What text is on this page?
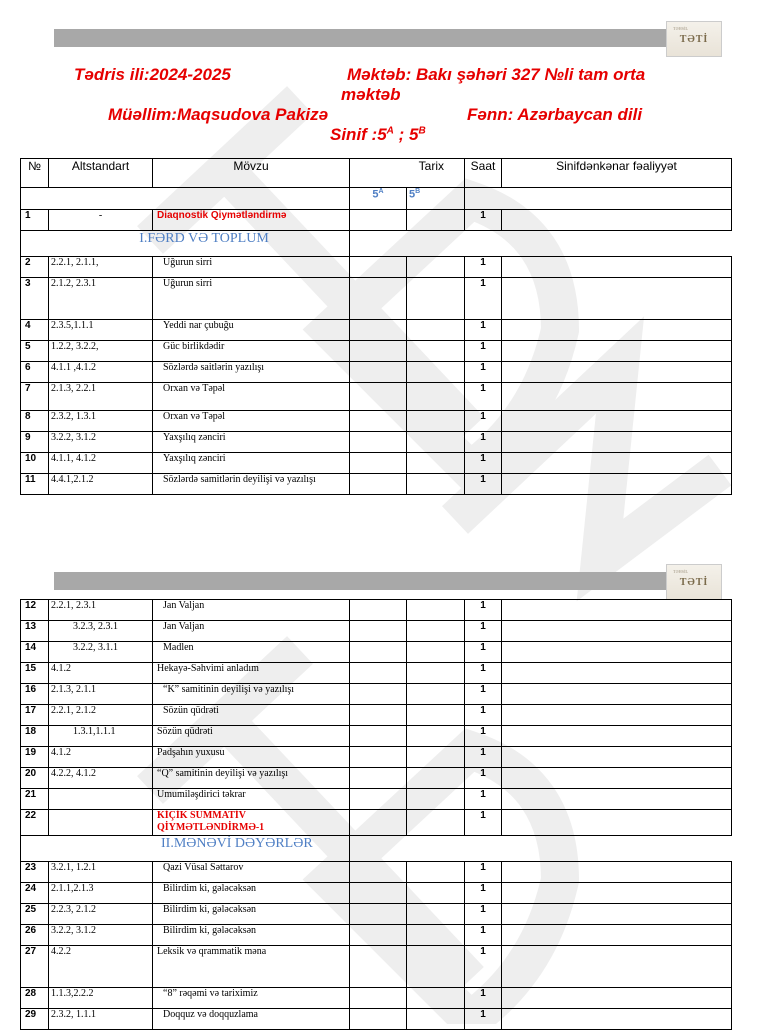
TƏHSİL
TƏTİ
Tədris ili:2024-2025	Məktəb: Bakı şəhəri 327 №li tam orta
məktəb
Müəllim:Maqsudova Pakizə	Fənn: Azərbaycan dili
Sinif $:5^A$ ; $5^B$
№	Altstandart	Mövzu	Tarix		Saat	Sinifdənkənar fəaliyyət
			$5^A$	$5^B$	
1	-	Diaqnostik Qiymətləndirmə			1	
I.FƏRD VƏ TOPLUM						
2	2.2.1, 2.1.1,	Uğurun sirri			1	
3	2.1.2, 2.3.1	Uğurun sirri			1	
4	2.3.5,1.1.1	Yeddi nar çubuğu			1	
5	1.2.2, 3.2.2,	Güc birlikdədir			1	
6	4.1.1 ,4.1.2	Sözlərdə saitlərin yazılışı			1	
7	2.1.3, 2.2.1	Orxan və Təpəl			1	
8	2.3.2, 1.3.1	Orxan və Təpəl			1	
9	3.2.2, 3.1.2	Yaxşılıq zənciri			1	
10	4.1.1, 4.1.2	Yaxşılıq zənciri			1	
11	4.4.1,2.1.2	Sözlərdə samitlərin deyilişi və yazılışı			1	
TƏHSİL
TƏTİ
12	2.2.1, 2.3.1	Jan Valjan			1	
13	3.2.3, 2.3.1	Jan Valjan			1	
14	3.2.2, 3.1.1	Madlen			1	
15	4.1.2	Hekayə-Səhvimi anladım			1	
16	2.1.3, 2.1.1	“K” samitinin deyilişi və yazılışı			1	
17	2.2.1, 2.1.2	Sözün qüdrəti			1	
18	1.3.1,1.1.1	Sözün qüdrəti			1	
19	4.1.2	Padşahın yuxusu			1	
20	4.2.2, 4.1.2	“Q” samitinin deyilişi və yazılışı			1	
21		Umumiləşdirici təkrar			1	
22		KİÇİK SUMMATİV QİYMƏTLƏNDİRMƏ-1			1	
II.MƏNƏVİ DƏYƏRLƏR						
23	3.2.1, 1.2.1	Qazi Vüsal Səttarov			1	
24	2.1.1,2.1.3	Bilirdim ki, gələcəksən			1	
25	2.2.3, 2.1.2	Bilirdim ki, gələcəksən			1	
26	3.2.2, 3.1.2	Bilirdim ki, gələcəksən			1	
27	4.2.2	Leksik və qrammatik məna			1	
28	1.1.3,2.2.2	“8” rəqəmi və tariximiz			1	
29	2.3.2, 1.1.1	Doqquz və doqquzlama			1	
